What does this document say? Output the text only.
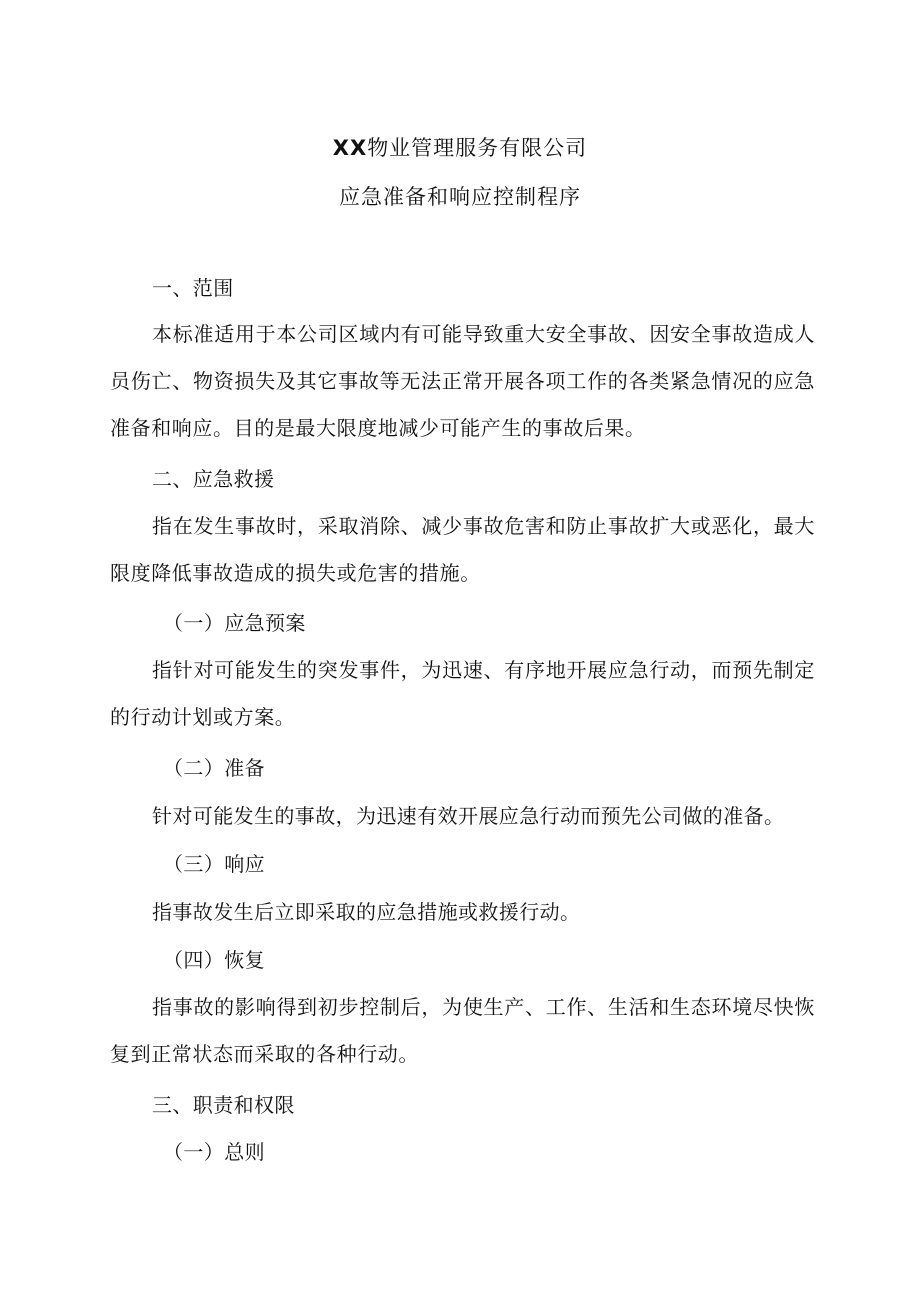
XX物业管理服务有限公司
应急准备和响应控制程序
一、范围
本标准适用于本公司区域内有可能导致重大安全事故、因安全事故造成人员伤亡、物资损失及其它事故等无法正常开展各项工作的各类紧急情况的应急准备和响应。目的是最大限度地减少可能产生的事故后果。
二、应急救援
指在发生事故时，采取消除、减少事故危害和防止事故扩大或恶化，最大限度降低事故造成的损失或危害的措施。
（一）应急预案
指针对可能发生的突发事件，为迅速、有序地开展应急行动，而预先制定的行动计划或方案。
（二）准备
针对可能发生的事故，为迅速有效开展应急行动而预先公司做的准备。
（三）响应
指事故发生后立即采取的应急措施或救援行动。
（四）恢复
指事故的影响得到初步控制后，为使生产、工作、生活和生态环境尽快恢复到正常状态而采取的各种行动。
三、职责和权限
（一）总则
